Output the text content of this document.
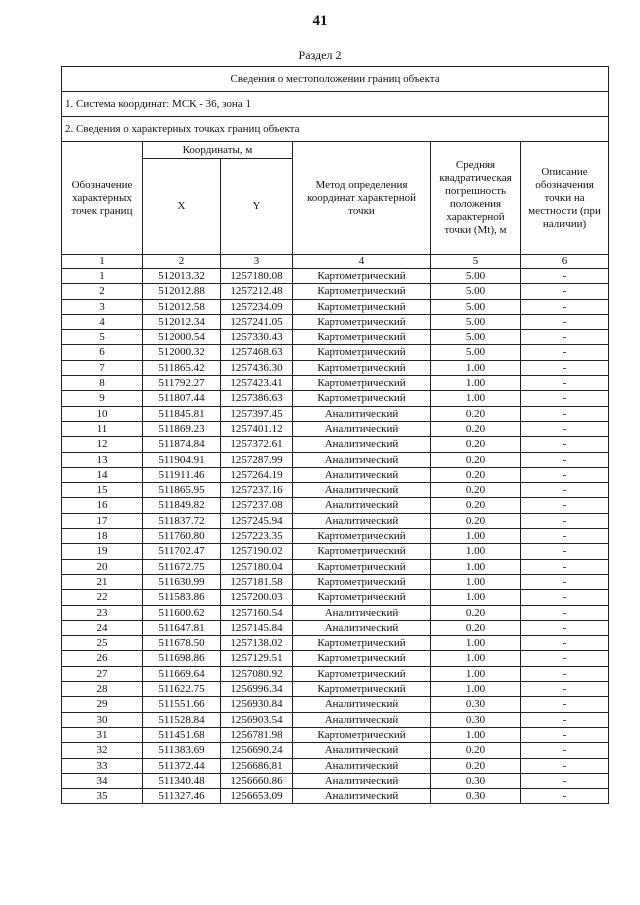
41
Раздел 2
Сведения о местоположении границ объекта					
1. Система координат: МСК - 36, зона 1					
2. Сведения о характерных точках границ объекта					
Обозначение характерных точек границ	Координаты, м		Метод определения координат характерной точки	Средняя квадратическая погрешность положения характерной точки (Mt), м	Описание обозначения точки на местности (при наличии)
	X	Y			
1	2	3	4	5	6
1	512013.32	1257180.08	Картометрический	5.00	-
2	512012.88	1257212.48	Картометрический	5.00	-
3	512012.58	1257234.09	Картометрический	5.00	-
4	512012.34	1257241.05	Картометрический	5.00	-
5	512000.54	1257330.43	Картометрический	5.00	-
6	512000.32	1257468.63	Картометрический	5.00	-
7	511865.42	1257436.30	Картометрический	1.00	-
8	511792.27	1257423.41	Картометрический	1.00	-
9	511807.44	1257386.63	Картометрический	1.00	-
10	511845.81	1257397.45	Аналитический	0.20	-
11	511869.23	1257401.12	Аналитический	0.20	-
12	511874.84	1257372.61	Аналитический	0.20	-
13	511904.91	1257287.99	Аналитический	0.20	-
14	511911.46	1257264.19	Аналитический	0.20	-
15	511865.95	1257237.16	Аналитический	0.20	-
16	511849.82	1257237.08	Аналитический	0.20	-
17	511837.72	1257245.94	Аналитический	0.20	-
18	511760.80	1257223.35	Картометрический	1.00	-
19	511702.47	1257190.02	Картометрический	1.00	-
20	511672.75	1257180.04	Картометрический	1.00	-
21	511630.99	1257181.58	Картометрический	1.00	-
22	511583.86	1257200.03	Картометрический	1.00	-
23	511600.62	1257160.54	Аналитический	0.20	-
24	511647.81	1257145.84	Аналитический	0.20	-
25	511678.50	1257138.02	Картометрический	1.00	-
26	511698.86	1257129.51	Картометрический	1.00	-
27	511669.64	1257080.92	Картометрический	1.00	-
28	511622.75	1256996.34	Картометрический	1.00	-
29	511551.66	1256930.84	Аналитический	0.30	-
30	511528.84	1256903.54	Аналитический	0.30	-
31	511451.68	1256781.98	Картометрический	1.00	-
32	511383.69	1256690.24	Аналитический	0.20	-
33	511372.44	1256686.81	Аналитический	0.20	-
34	511340.48	1256660.86	Аналитический	0.30	-
35	511327.46	1256653.09	Аналитический	0.30	-
